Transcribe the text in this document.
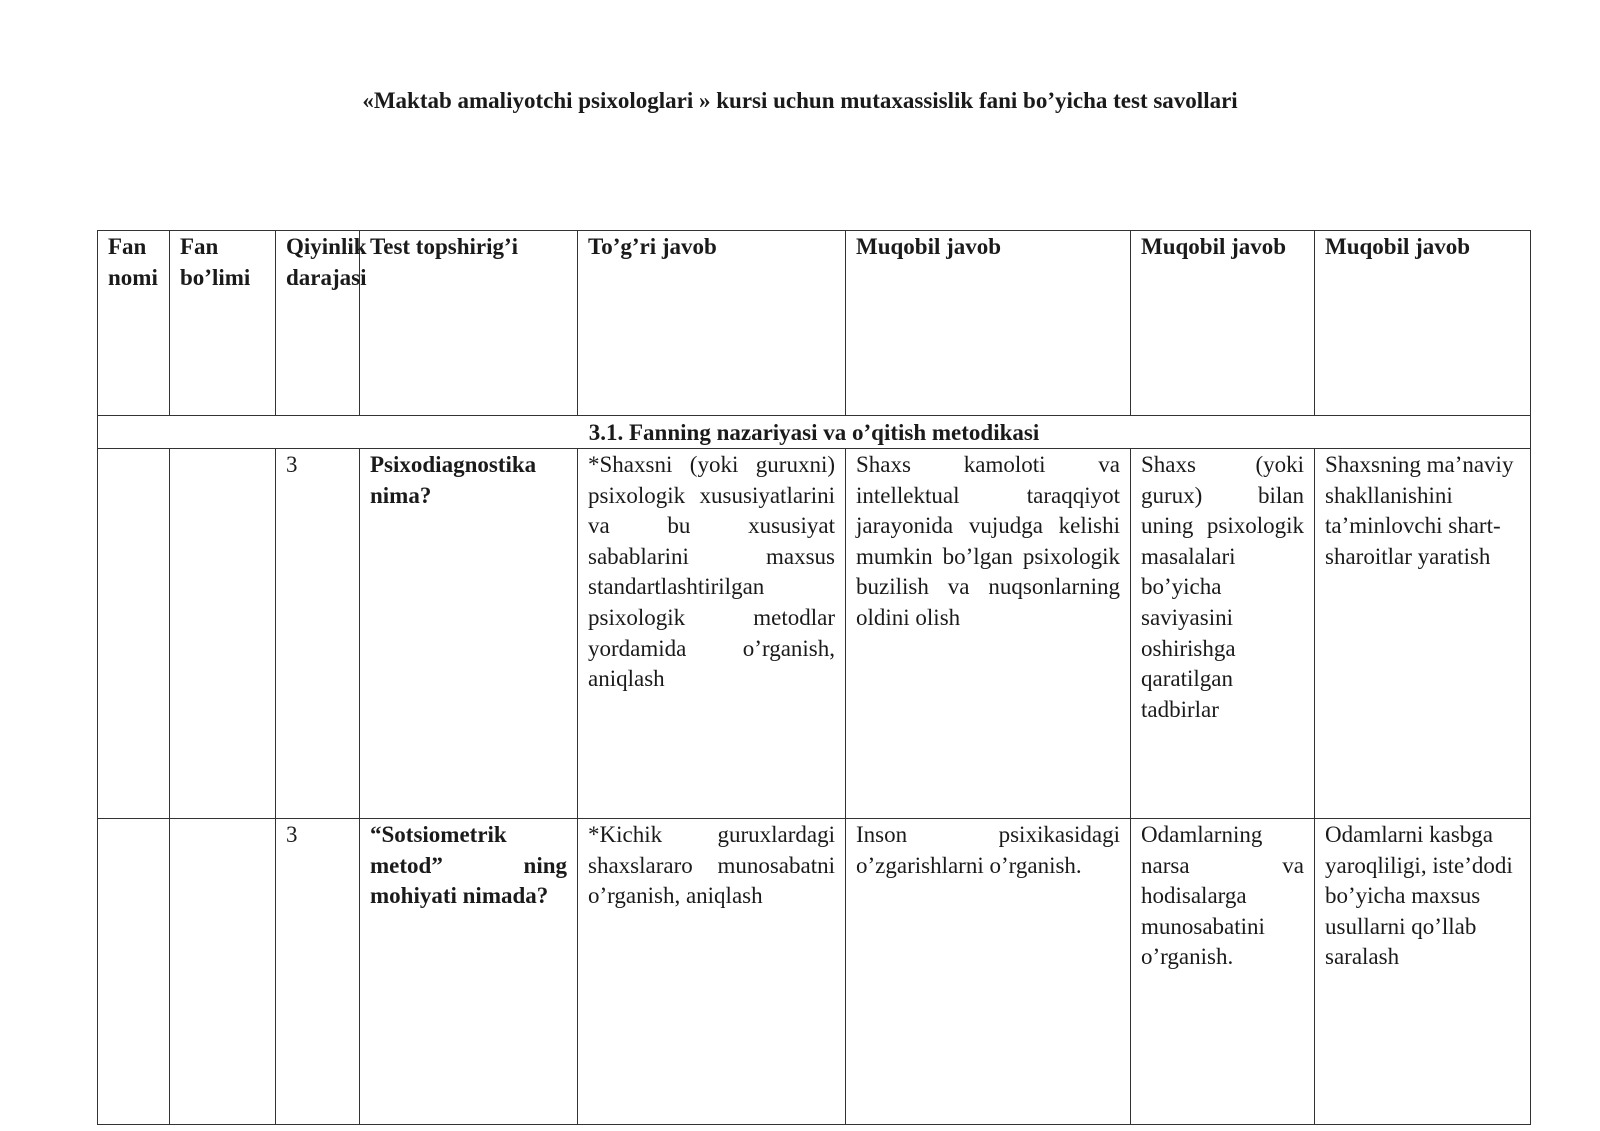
«Maktab amaliyotchi psixologlari » kursi uchun mutaxassislik fani bo’yicha test savollari
Fan nomi	Fan bo’limi	Qiyinlik darajasi	Test topshirig’i	To’g’ri javob	Muqobil javob	Muqobil javob	Muqobil javob
3.1. Fanning nazariyasi va o’qitish metodikasi							
		3	Psixodiagnostika nima?	*Shaxsni (yoki guruxni) psixologik xususiyatlarini va bu xususiyat sabablarini maxsus standartlashtirilgan psixologik metodlar yordamida o’rganish, aniqlash	Shaxs kamoloti va intellektual taraqqiyot jarayonida vujudga kelishi mumkin bo’lgan psixologik buzilish va nuqsonlarning oldini olish	Shaxs (yoki gurux) bilan uning psixologik masalalari bo’yicha saviyasini oshirishga qaratilgan tadbirlar	Shaxsning ma’naviy shakllanishini ta’minlovchi shart-sharoitlar yaratish
		3	“Sotsiometrik metod” ning mohiyati nimada?	*Kichik guruxlardagi shaxslararo munosabatni o’rganish, aniqlash	Inson psixikasidagi o’zgarishlarni o’rganish.	Odamlarning narsa va hodisalarga munosabatini o’rganish.	Odamlarni kasbga yaroqliligi, iste’dodi bo’yicha maxsus usullarni qo’llab saralash
